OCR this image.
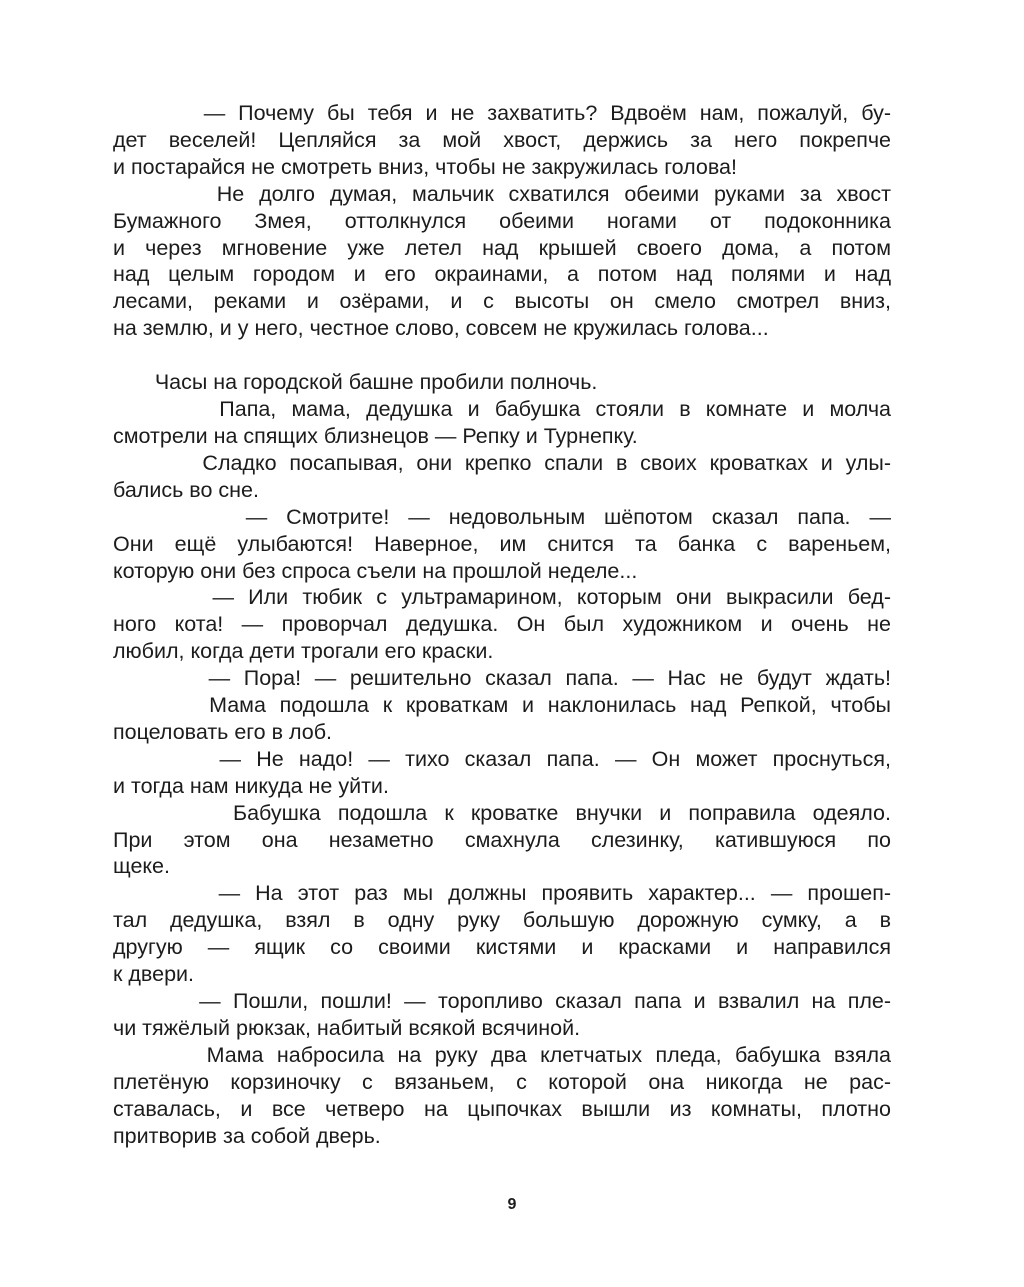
— Почему бы тебя и не захватить? Вдвоём нам, пожалуй, бу-
дет веселей! Цепляйся за мой хвост, держись за него покрепче
и постарайся не смотреть вниз, чтобы не закружилась голова!

Не долго думая, мальчик схватился обеими руками за хвост
Бумажного Змея, оттолкнулся обеими ногами от подоконника
и через мгновение уже летел над крышей своего дома, а потом
над целым городом и его окраинами, а потом над полями и над
лесами, реками и озёрами, и с высоты он смело смотрел вниз,
на землю, и у него, честное слово, совсем не кружилась голова...

Часы на городской башне пробили полночь.

Папа, мама, дедушка и бабушка стояли в комнате и молча
смотрели на спящих близнецов — Репку и Турнепку.

Сладко посапывая, они крепко спали в своих кроватках и улы-
бались во сне.

— Смотрите! — недовольным шёпотом сказал папа. —
Они ещё улыбаются! Наверное, им снится та банка с вареньем,
которую они без спроса съели на прошлой неделе...

— Или тюбик с ультрамарином, которым они выкрасили бед-
ного кота! — проворчал дедушка. Он был художником и очень не
любил, когда дети трогали его краски.

— Пора! — решительно сказал папа. — Нас не будут ждать!

Мама подошла к кроваткам и наклонилась над Репкой, чтобы
поцеловать его в лоб.

— Не надо! — тихо сказал папа. — Он может проснуться,
и тогда нам никуда не уйти.

Бабушка подошла к кроватке внучки и поправила одеяло.
При этом она незаметно смахнула слезинку, катившуюся по
щеке.

— На этот раз мы должны проявить характер... — прошеп-
тал дедушка, взял в одну руку большую дорожную сумку, а в
другую — ящик со своими кистями и красками и направился
к двери.

— Пошли, пошли! — торопливо сказал папа и взвалил на пле-
чи тяжёлый рюкзак, набитый всякой всячиной.

Мама набросила на руку два клетчатых пледа, бабушка взяла
плетёную корзиночку с вязаньем, с которой она никогда не рас-
ставалась, и все четверо на цыпочках вышли из комнаты, плотно
притворив за собой дверь.

9
